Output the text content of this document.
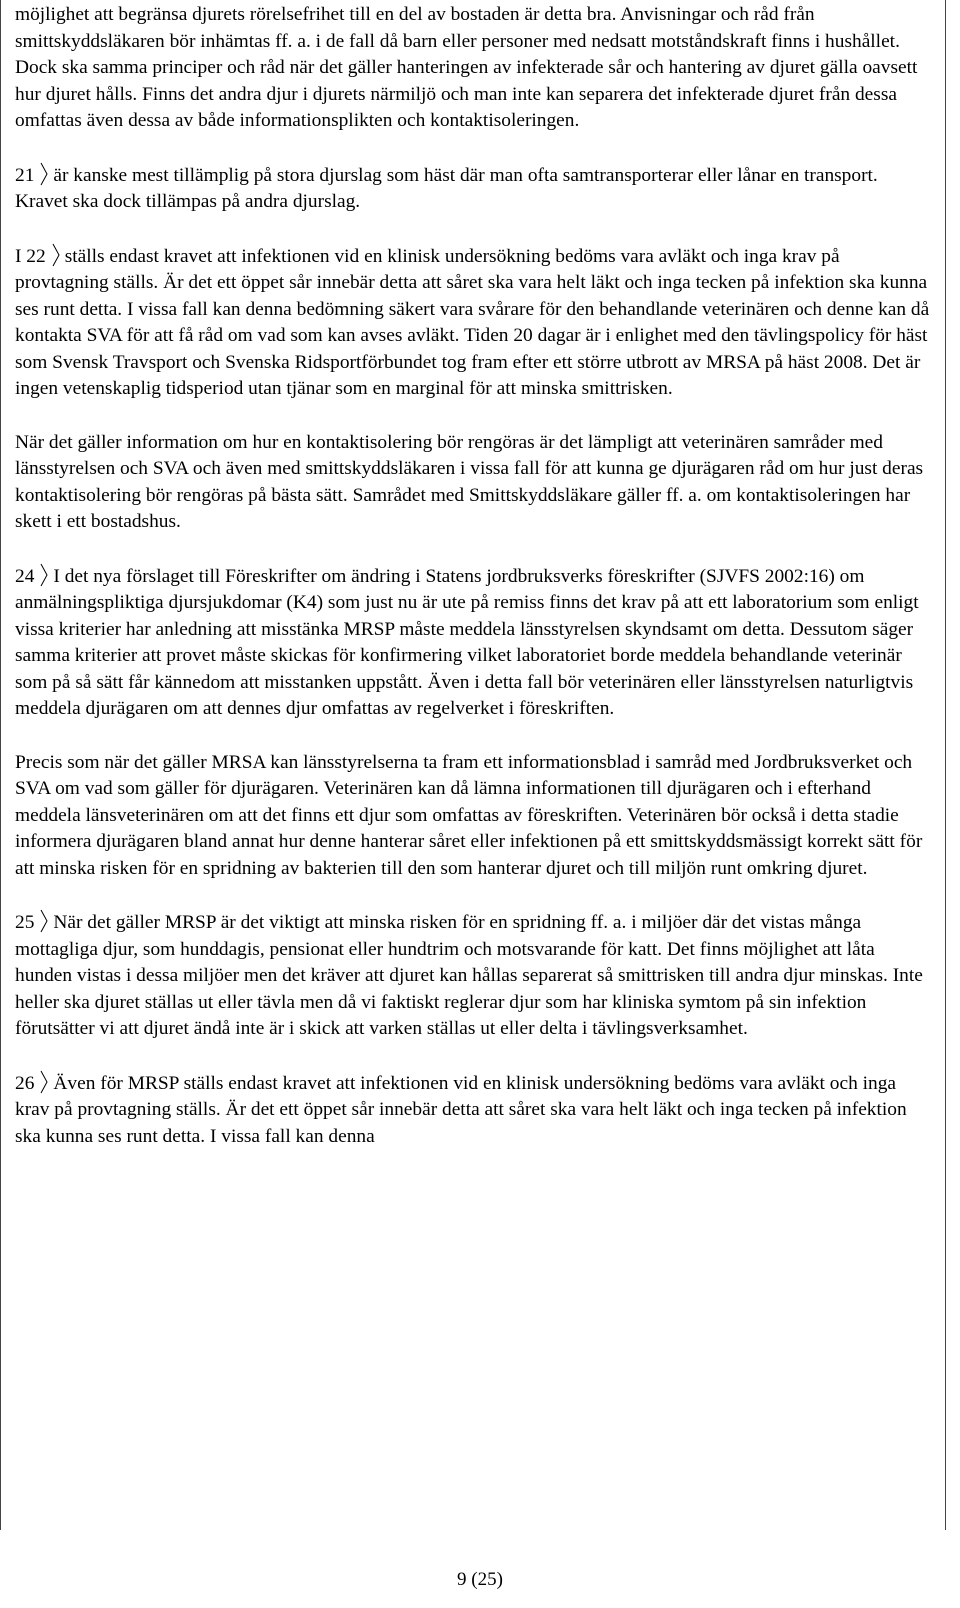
möjlighet att begränsa djurets rörelsefrihet till en del av bostaden är detta bra. Anvisningar och råd från smittskyddsläkaren bör inhämtas ff. a. i de fall då barn eller personer med nedsatt motståndskraft finns i hushållet. Dock ska samma principer och råd när det gäller hanteringen av infekterade sår och hantering av djuret gälla oavsett hur djuret hålls. Finns det andra djur i djurets närmiljö och man inte kan separera det infekterade djuret från dessa omfattas även dessa av både informationsplikten och kontaktisoleringen.

21 är kanske mest tillämplig på stora djurslag som häst där man ofta samtransporterar eller lånar en transport. Kravet ska dock tillämpas på andra djurslag.

I 22 ställs endast kravet att infektionen vid en klinisk undersökning bedöms vara avläkt och inga krav på provtagning ställs. Är det ett öppet sår innebär detta att såret ska vara helt läkt och inga tecken på infektion ska kunna ses runt detta. I vissa fall kan denna bedömning säkert vara svårare för den behandlande veterinären och denne kan då kontakta SVA för att få råd om vad som kan avses avläkt. Tiden 20 dagar är i enlighet med den tävlingspolicy för häst som Svensk Travsport och Svenska Ridsportförbundet tog fram efter ett större utbrott av MRSA på häst 2008. Det är ingen vetenskaplig tidsperiod utan tjänar som en marginal för att minska smittrisken.

När det gäller information om hur en kontaktisolering bör rengöras är det lämpligt att veterinären samråder med länsstyrelsen och SVA och även med smittskyddsläkaren i vissa fall för att kunna ge djurägaren råd om hur just deras kontaktisolering bör rengöras på bästa sätt. Samrådet med Smittskyddsläkare gäller ff. a. om kontaktisoleringen har skett i ett bostadshus.

24 I det nya förslaget till Föreskrifter om ändring i Statens jordbruksverks föreskrifter (SJVFS 2002:16) om anmälningspliktiga djursjukdomar (K4) som just nu är ute på remiss finns det krav på att ett laboratorium som enligt vissa kriterier har anledning att misstänka MRSP måste meddela länsstyrelsen skyndsamt om detta. Dessutom säger samma kriterier att provet måste skickas för konfirmering vilket laboratoriet borde meddela behandlande veterinär som på så sätt får kännedom att misstanken uppstått. Även i detta fall bör veterinären eller länsstyrelsen naturligtvis meddela djurägaren om att dennes djur omfattas av regelverket i föreskriften.

Precis som när det gäller MRSA kan länsstyrelserna ta fram ett informationsblad i samråd med Jordbruksverket och SVA om vad som gäller för djurägaren. Veterinären kan då lämna informationen till djurägaren och i efterhand meddela länsveterinären om att det finns ett djur som omfattas av föreskriften. Veterinären bör också i detta stadie informera djurägaren bland annat hur denne hanterar såret eller infektionen på ett smittskyddsmässigt korrekt sätt för att minska risken för en spridning av bakterien till den som hanterar djuret och till miljön runt omkring djuret.

25 När det gäller MRSP är det viktigt att minska risken för en spridning ff. a. i miljöer där det vistas många mottagliga djur, som hunddagis, pensionat eller hundtrim och motsvarande för katt. Det finns möjlighet att låta hunden vistas i dessa miljöer men det kräver att djuret kan hållas separerat så smittrisken till andra djur minskas. Inte heller ska djuret ställas ut eller tävla men då vi faktiskt reglerar djur som har kliniska symtom på sin infektion förutsätter vi att djuret ändå inte är i skick att varken ställas ut eller delta i tävlingsverksamhet.

26 Även för MRSP ställs endast kravet att infektionen vid en klinisk undersökning bedöms vara avläkt och inga krav på provtagning ställs. Är det ett öppet sår innebär detta att såret ska vara helt läkt och inga tecken på infektion ska kunna ses runt detta. I vissa fall kan denna

9 (25)
